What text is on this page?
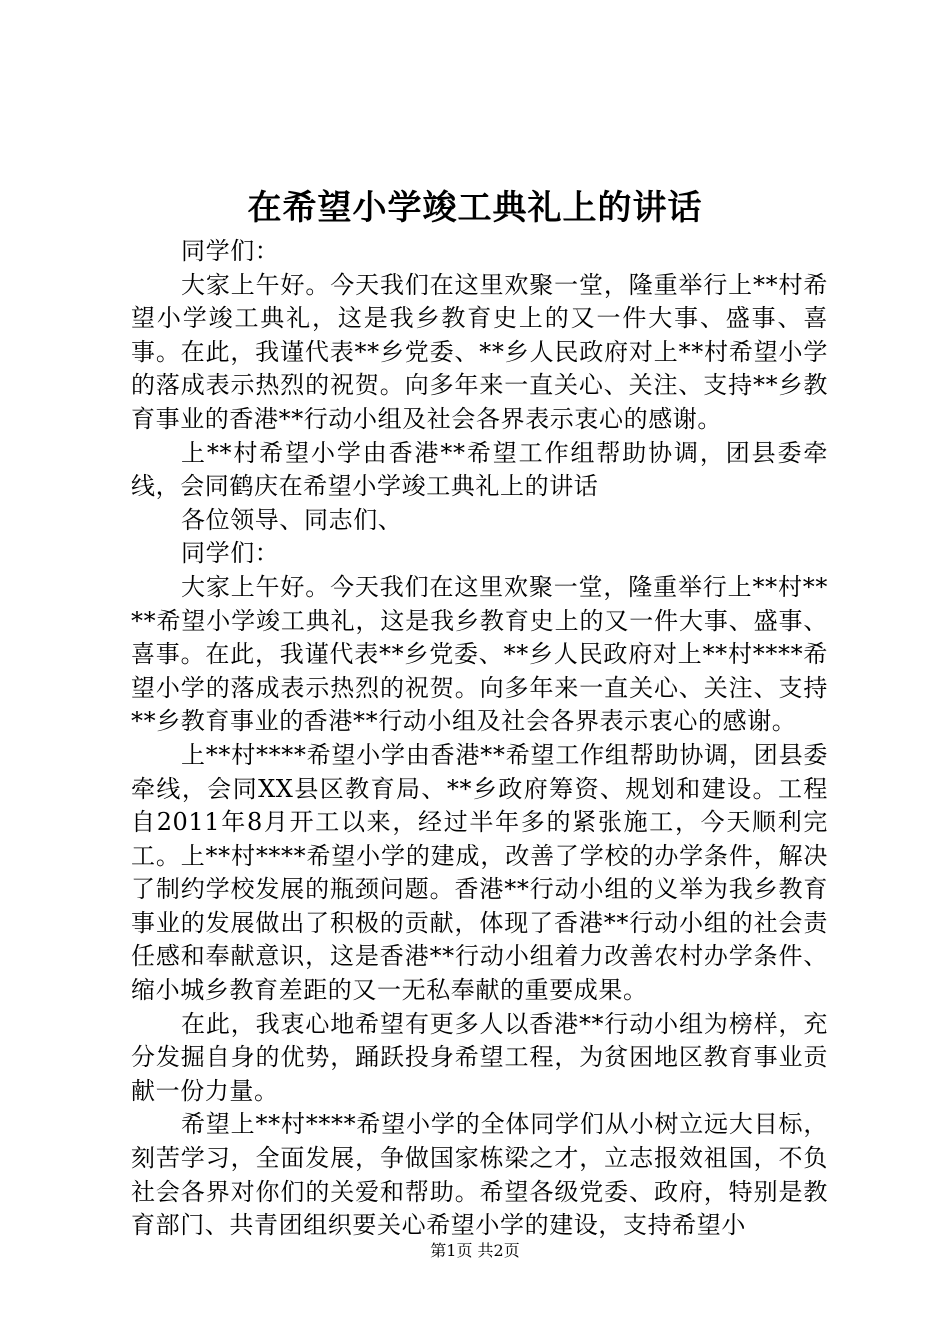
在希望小学竣工典礼上的讲话

同学们：

大家上午好。今天我们在这里欢聚一堂，隆重举行上**村希望小学竣工典礼，这是我乡教育史上的又一件大事、盛事、喜事。在此，我谨代表**乡党委、**乡人民政府对上**村希望小学的落成表示热烈的祝贺。向多年来一直关心、关注、支持**乡教育事业的香港**行动小组及社会各界表示衷心的感谢。

上**村希望小学由香港**希望工作组帮助协调，团县委牵线，会同鹤庆在希望小学竣工典礼上的讲话

各位领导、同志们、

同学们：

大家上午好。今天我们在这里欢聚一堂，隆重举行上**村****希望小学竣工典礼，这是我乡教育史上的又一件大事、盛事、喜事。在此，我谨代表**乡党委、**乡人民政府对上**村****希望小学的落成表示热烈的祝贺。向多年来一直关心、关注、支持**乡教育事业的香港**行动小组及社会各界表示衷心的感谢。

上**村****希望小学由香港**希望工作组帮助协调，团县委牵线，会同XX县区教育局、**乡政府筹资、规划和建设。工程自2011年8月开工以来，经过半年多的紧张施工，今天顺利完工。上**村****希望小学的建成，改善了学校的办学条件，解决了制约学校发展的瓶颈问题。香港**行动小组的义举为我乡教育事业的发展做出了积极的贡献，体现了香港**行动小组的社会责任感和奉献意识，这是香港**行动小组着力改善农村办学条件、缩小城乡教育差距的又一无私奉献的重要成果。

在此，我衷心地希望有更多人以香港**行动小组为榜样，充分发掘自身的优势，踊跃投身希望工程，为贫困地区教育事业贡献一份力量。

希望上**村****希望小学的全体同学们从小树立远大目标，刻苦学习，全面发展，争做国家栋梁之才，立志报效祖国，不负社会各界对你们的关爱和帮助。希望各级党委、政府，特别是教育部门、共青团组织要关心希望小学的建设，支持希望小

第1页 共2页
